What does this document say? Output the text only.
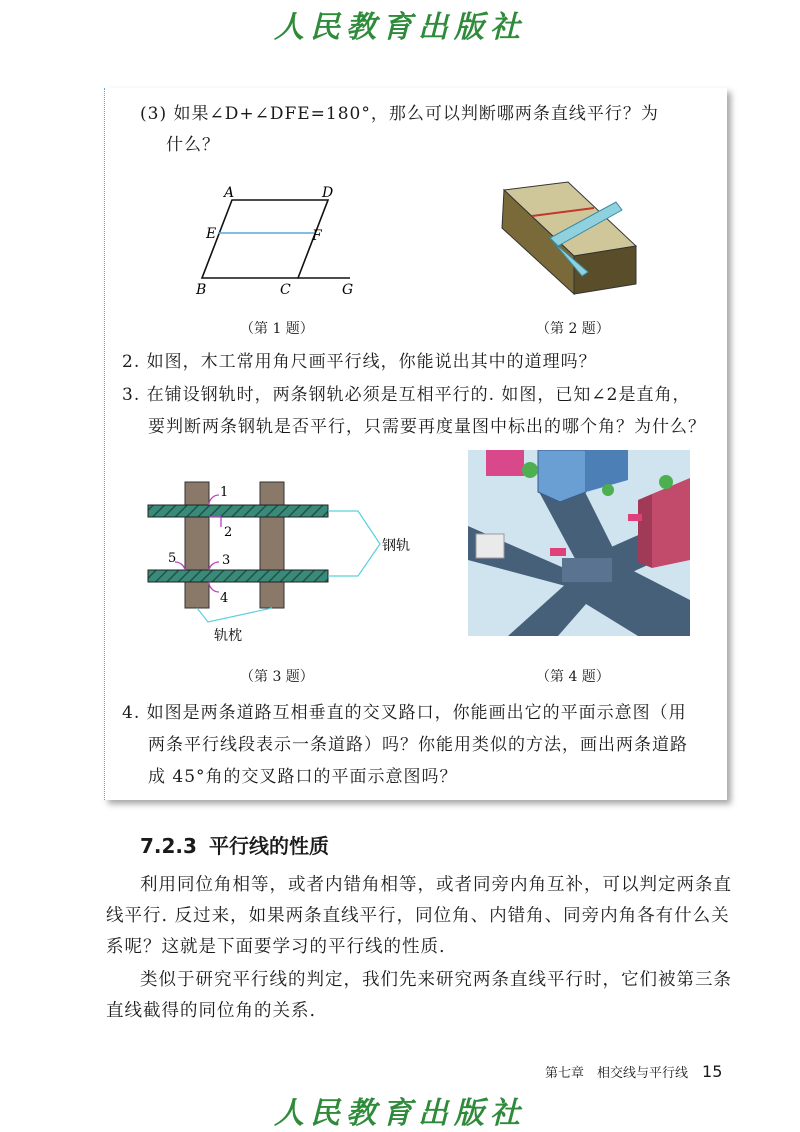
人民教育出版社
(3) 如果∠D+∠DFE=180°，那么可以判断哪两条直线平行？为
什么？
A	D
E	F
B	C	G
（第 1 题）	（第 2 题）
2. 如图，木工常用角尺画平行线，你能说出其中的道理吗？
3. 在铺设钢轨时，两条钢轨必须是互相平行的. 如图，已知∠2是直角，
要判断两条钢轨是否平行，只需要再度量图中标出的哪个角？为什么？
1
2
5	3
4
钢轨
轨枕
（第 3 题）	（第 4 题）
4. 如图是两条道路互相垂直的交叉路口，你能画出它的平面示意图（用
两条平行线段表示一条道路）吗？你能用类似的方法，画出两条道路
成 45°角的交叉路口的平面示意图吗？
7.2.3 平行线的性质
利用同位角相等，或者内错角相等，或者同旁内角互补，可以判定两条直
线平行. 反过来，如果两条直线平行，同位角、内错角、同旁内角各有什么关
系呢？这就是下面要学习的平行线的性质.
类似于研究平行线的判定，我们先来研究两条直线平行时，它们被第三条
直线截得的同位角的关系.
第七章　相交线与平行线 15
人民教育出版社
